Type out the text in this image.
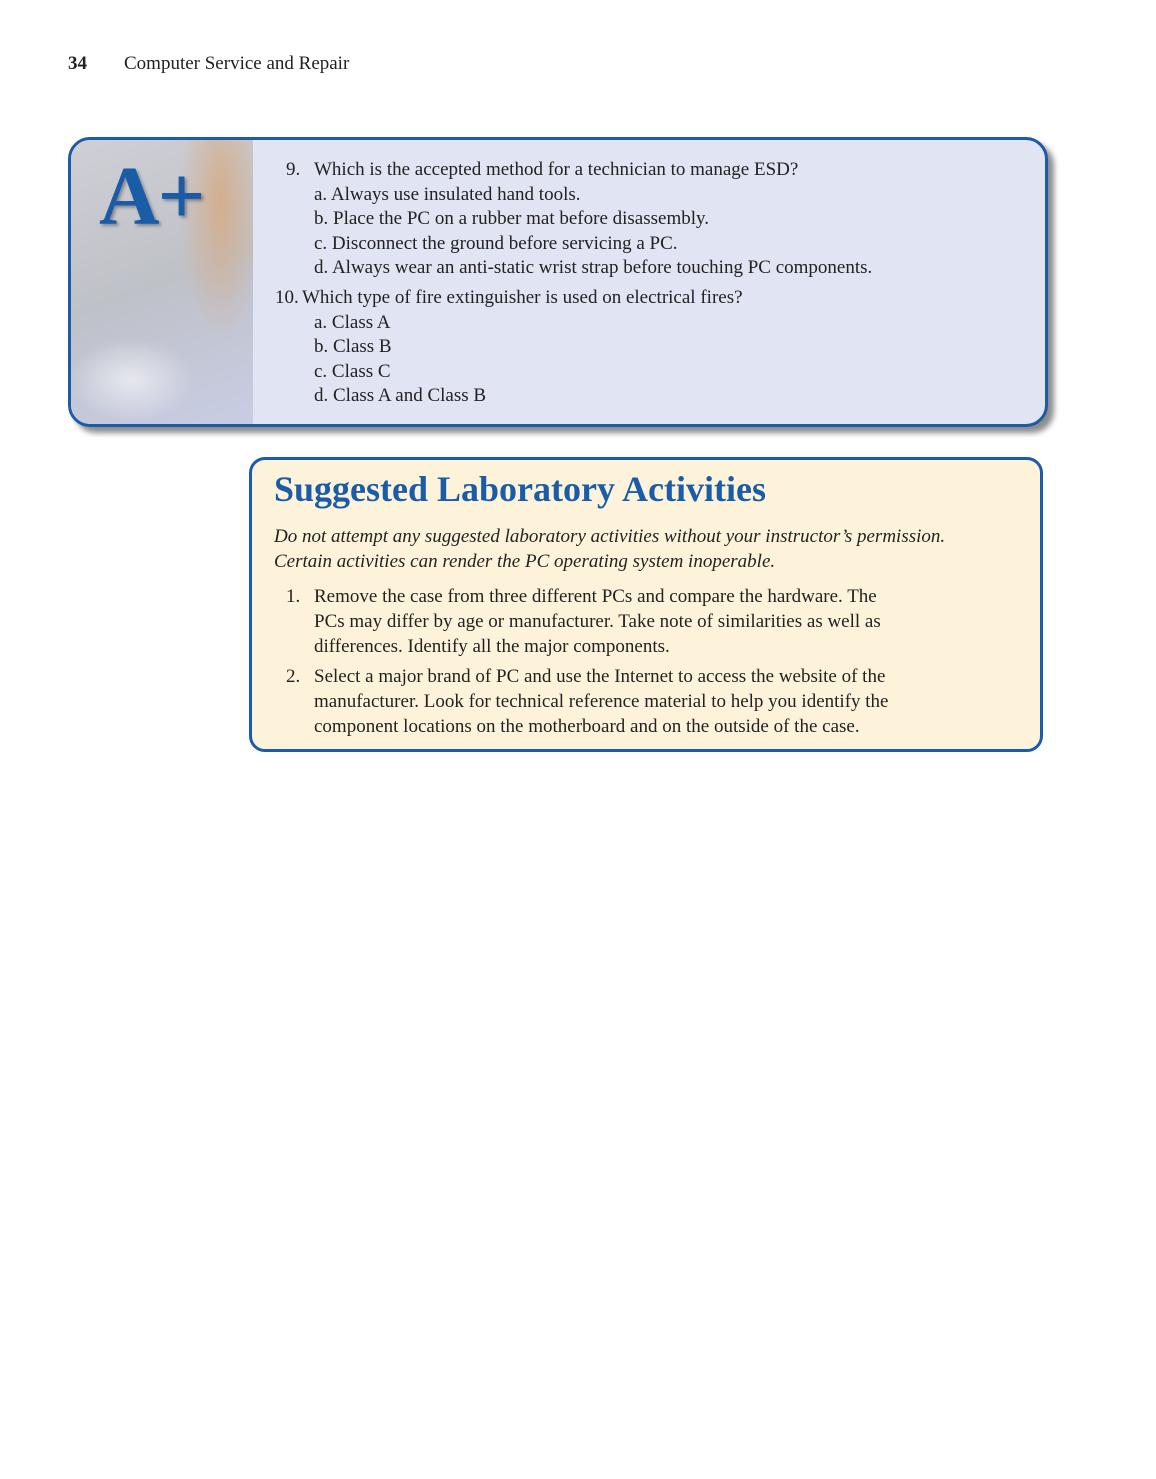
34 Computer Service and Repair
A+	9. Which is the accepted method for a technician to manage ESD?
a. Always use insulated hand tools.
b. Place the PC on a rubber mat before disassembly.
c. Disconnect the ground before servicing a PC.
d. Always wear an anti-static wrist strap before touching PC components.
10. Which type of fire extinguisher is used on electrical fires?
a. Class A
b. Class B
c. Class C
d. Class A and Class B
Suggested Laboratory Activities
Do not attempt any suggested laboratory activities without your instructor’s permission.
Certain activities can render the PC operating system inoperable.
1. Remove the case from three different PCs and compare the hardware. The
PCs may differ by age or manufacturer. Take note of similarities as well as
differences. Identify all the major components.
2. Select a major brand of PC and use the Internet to access the website of the
manufacturer. Look for technical reference material to help you identify the
component locations on the motherboard and on the outside of the case.
